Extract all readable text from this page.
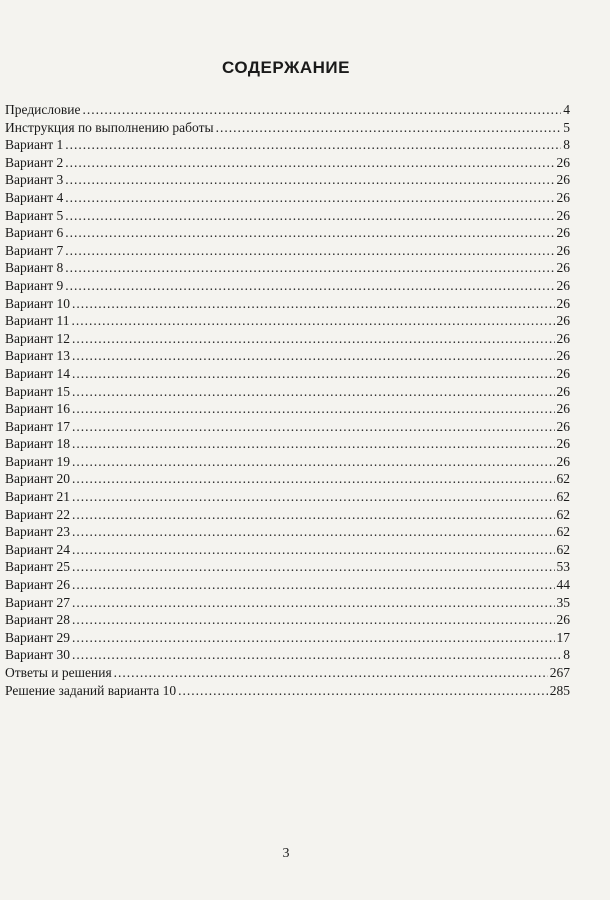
СОДЕРЖАНИЕ
Предисловие .....	4
Инструкция по выполнению работы .....	5
Вариант 1 .....	8
Вариант 2 .....	26
Вариант 3 .....	26
Вариант 4 .....	26
Вариант 5 .....	26
Вариант 6 .....	26
Вариант 7 .....	26
Вариант 8 .....	26
Вариант 9 .....	26
Вариант 10 .....	26
Вариант 11 .....	26
Вариант 12 .....	26
Вариант 13 .....	26
Вариант 14 .....	26
Вариант 15 .....	26
Вариант 16 .....	26
Вариант 17 .....	26
Вариант 18 .....	26
Вариант 19 .....	26
Вариант 20 .....	62
Вариант 21 .....	62
Вариант 22 .....	62
Вариант 23 .....	62
Вариант 24 .....	62
Вариант 25 .....	53
Вариант 26 .....	44
Вариант 27 .....	35
Вариант 28 .....	26
Вариант 29 .....	17
Вариант 30 .....	8
Ответы и решения .....	267
Решение заданий варианта 10 .....	285
3
